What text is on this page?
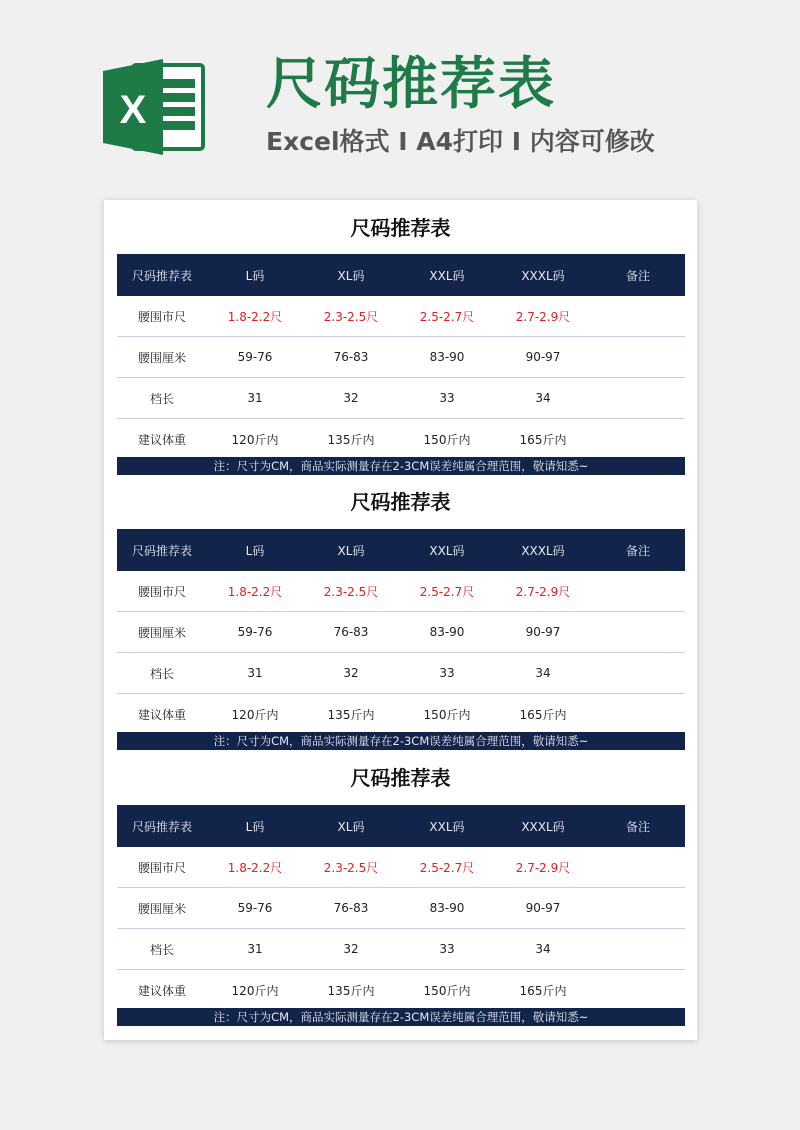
X 尺码推荐表
Excel格式 I A4打印 I 内容可修改
尺码推荐表
尺码推荐表	L码	XL码	XXL码	XXXL码	备注
腰围市尺	1.8-2.2尺	2.3-2.5尺	2.5-2.7尺	2.7-2.9尺	
腰围厘米	59-76	76-83	83-90	90-97	
档长	31	32	33	34	
建议体重	120斤内	135斤内	150斤内	165斤内	
注：尺寸为CM，商品实际测量存在2-3CM误差纯属合理范围，敬请知悉~
尺码推荐表
尺码推荐表	L码	XL码	XXL码	XXXL码	备注
腰围市尺	1.8-2.2尺	2.3-2.5尺	2.5-2.7尺	2.7-2.9尺	
腰围厘米	59-76	76-83	83-90	90-97	
档长	31	32	33	34	
建议体重	120斤内	135斤内	150斤内	165斤内	
注：尺寸为CM，商品实际测量存在2-3CM误差纯属合理范围，敬请知悉~
尺码推荐表
尺码推荐表	L码	XL码	XXL码	XXXL码	备注
腰围市尺	1.8-2.2尺	2.3-2.5尺	2.5-2.7尺	2.7-2.9尺	
腰围厘米	59-76	76-83	83-90	90-97	
档长	31	32	33	34	
建议体重	120斤内	135斤内	150斤内	165斤内	
注：尺寸为CM，商品实际测量存在2-3CM误差纯属合理范围，敬请知悉~
